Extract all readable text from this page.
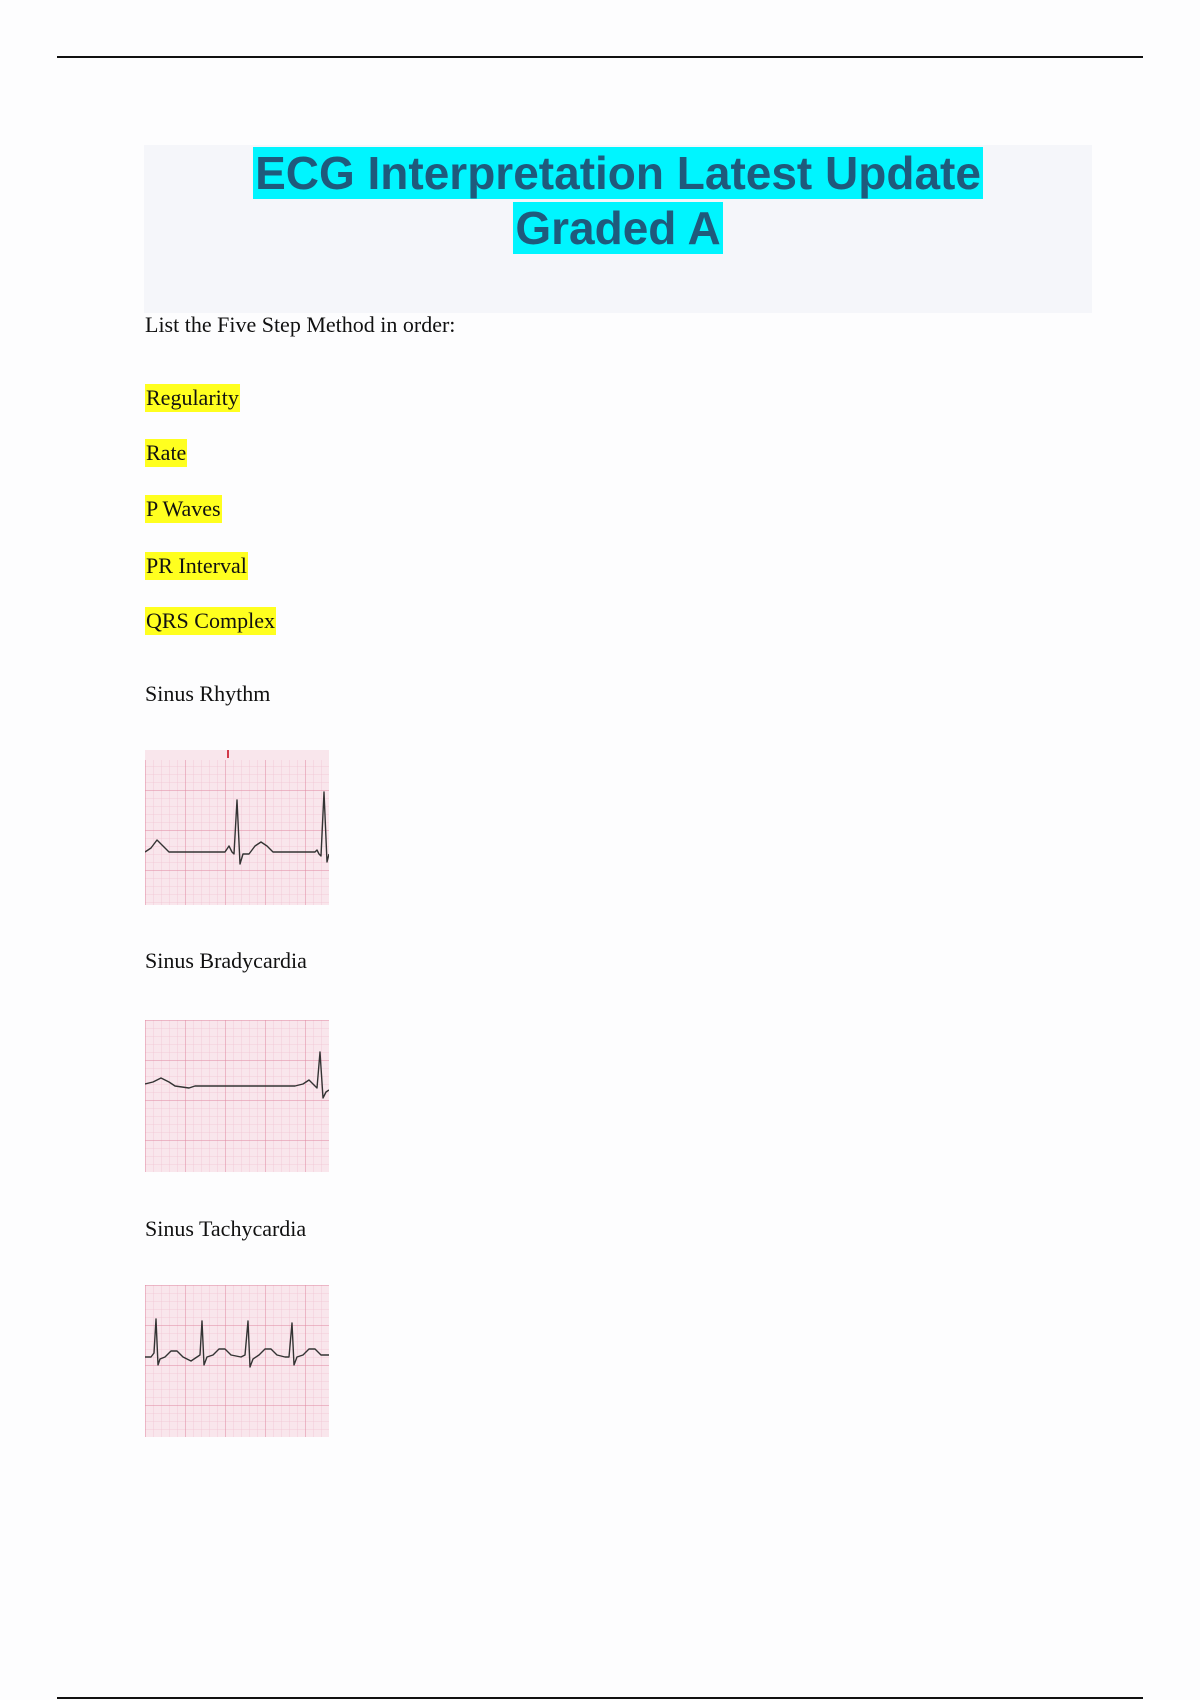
ECG Interpretation Latest Update
Graded A
List the Five Step Method in order:
Regularity
Rate
P Waves
PR Interval
QRS Complex
Sinus Rhythm
Sinus Bradycardia
Sinus Tachycardia
